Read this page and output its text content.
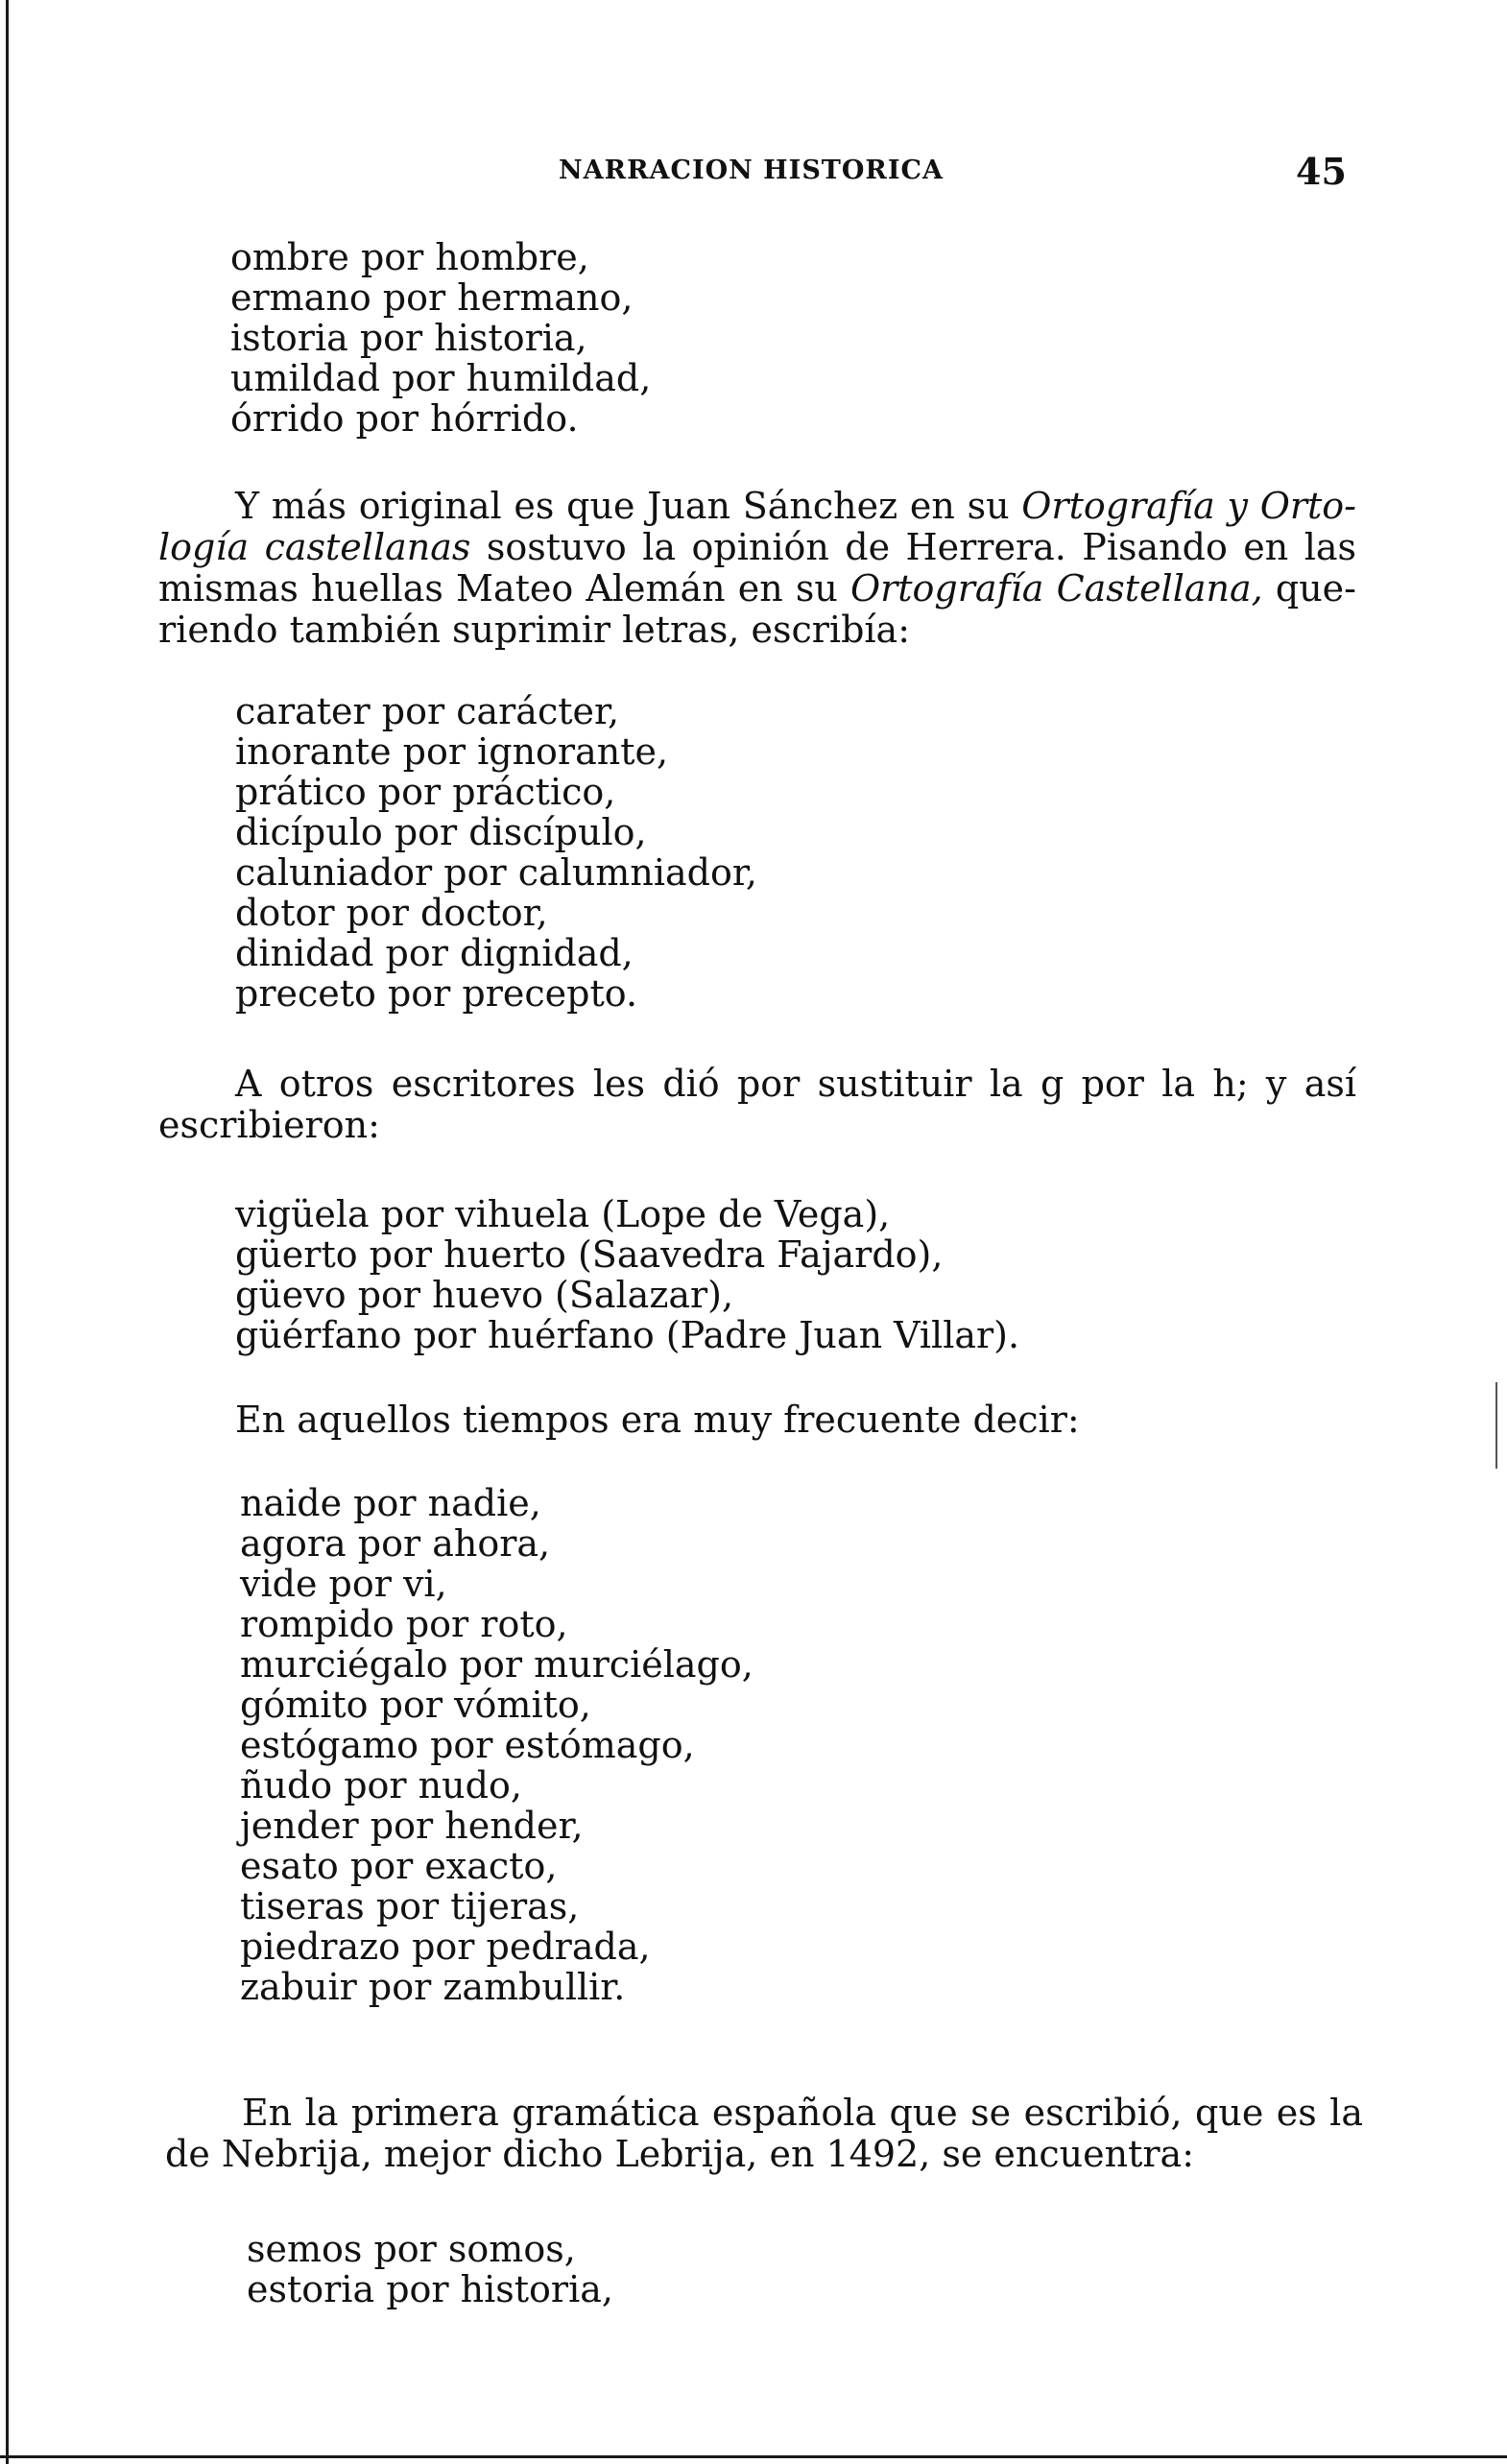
NARRACION HISTORICA	45
ombre por hombre,
ermano por hermano,
istoria por historia,
umildad por humildad,
órrido por hórrido.
Y más original es que Juan Sánchez en su Ortografía y Orto-
logía castellanas sostuvo la opinión de Herrera. Pisando en las
mismas huellas Mateo Alemán en su Ortografía Castellana, que-
riendo también suprimir letras, escribía:
carater por carácter,
inorante por ignorante,
prático por práctico,
dicípulo por discípulo,
caluniador por calumniador,
dotor por doctor,
dinidad por dignidad,
preceto por precepto.
A otros escritores les dió por sustituir la g por la h; y así
escribieron:
vigüela por vihuela (Lope de Vega),
güerto por huerto (Saavedra Fajardo),
güevo por huevo (Salazar),
güérfano por huérfano (Padre Juan Villar).
En aquellos tiempos era muy frecuente decir:
naide por nadie,
agora por ahora,
vide por vi,
rompido por roto,
murciégalo por murciélago,
gómito por vómito,
estógamo por estómago,
ñudo por nudo,
jender por hender,
esato por exacto,
tiseras por tijeras,
piedrazo por pedrada,
zabuir por zambullir.
En la primera gramática española que se escribió, que es la
de Nebrija, mejor dicho Lebrija, en 1492, se encuentra:
semos por somos,
estoria por historia,
